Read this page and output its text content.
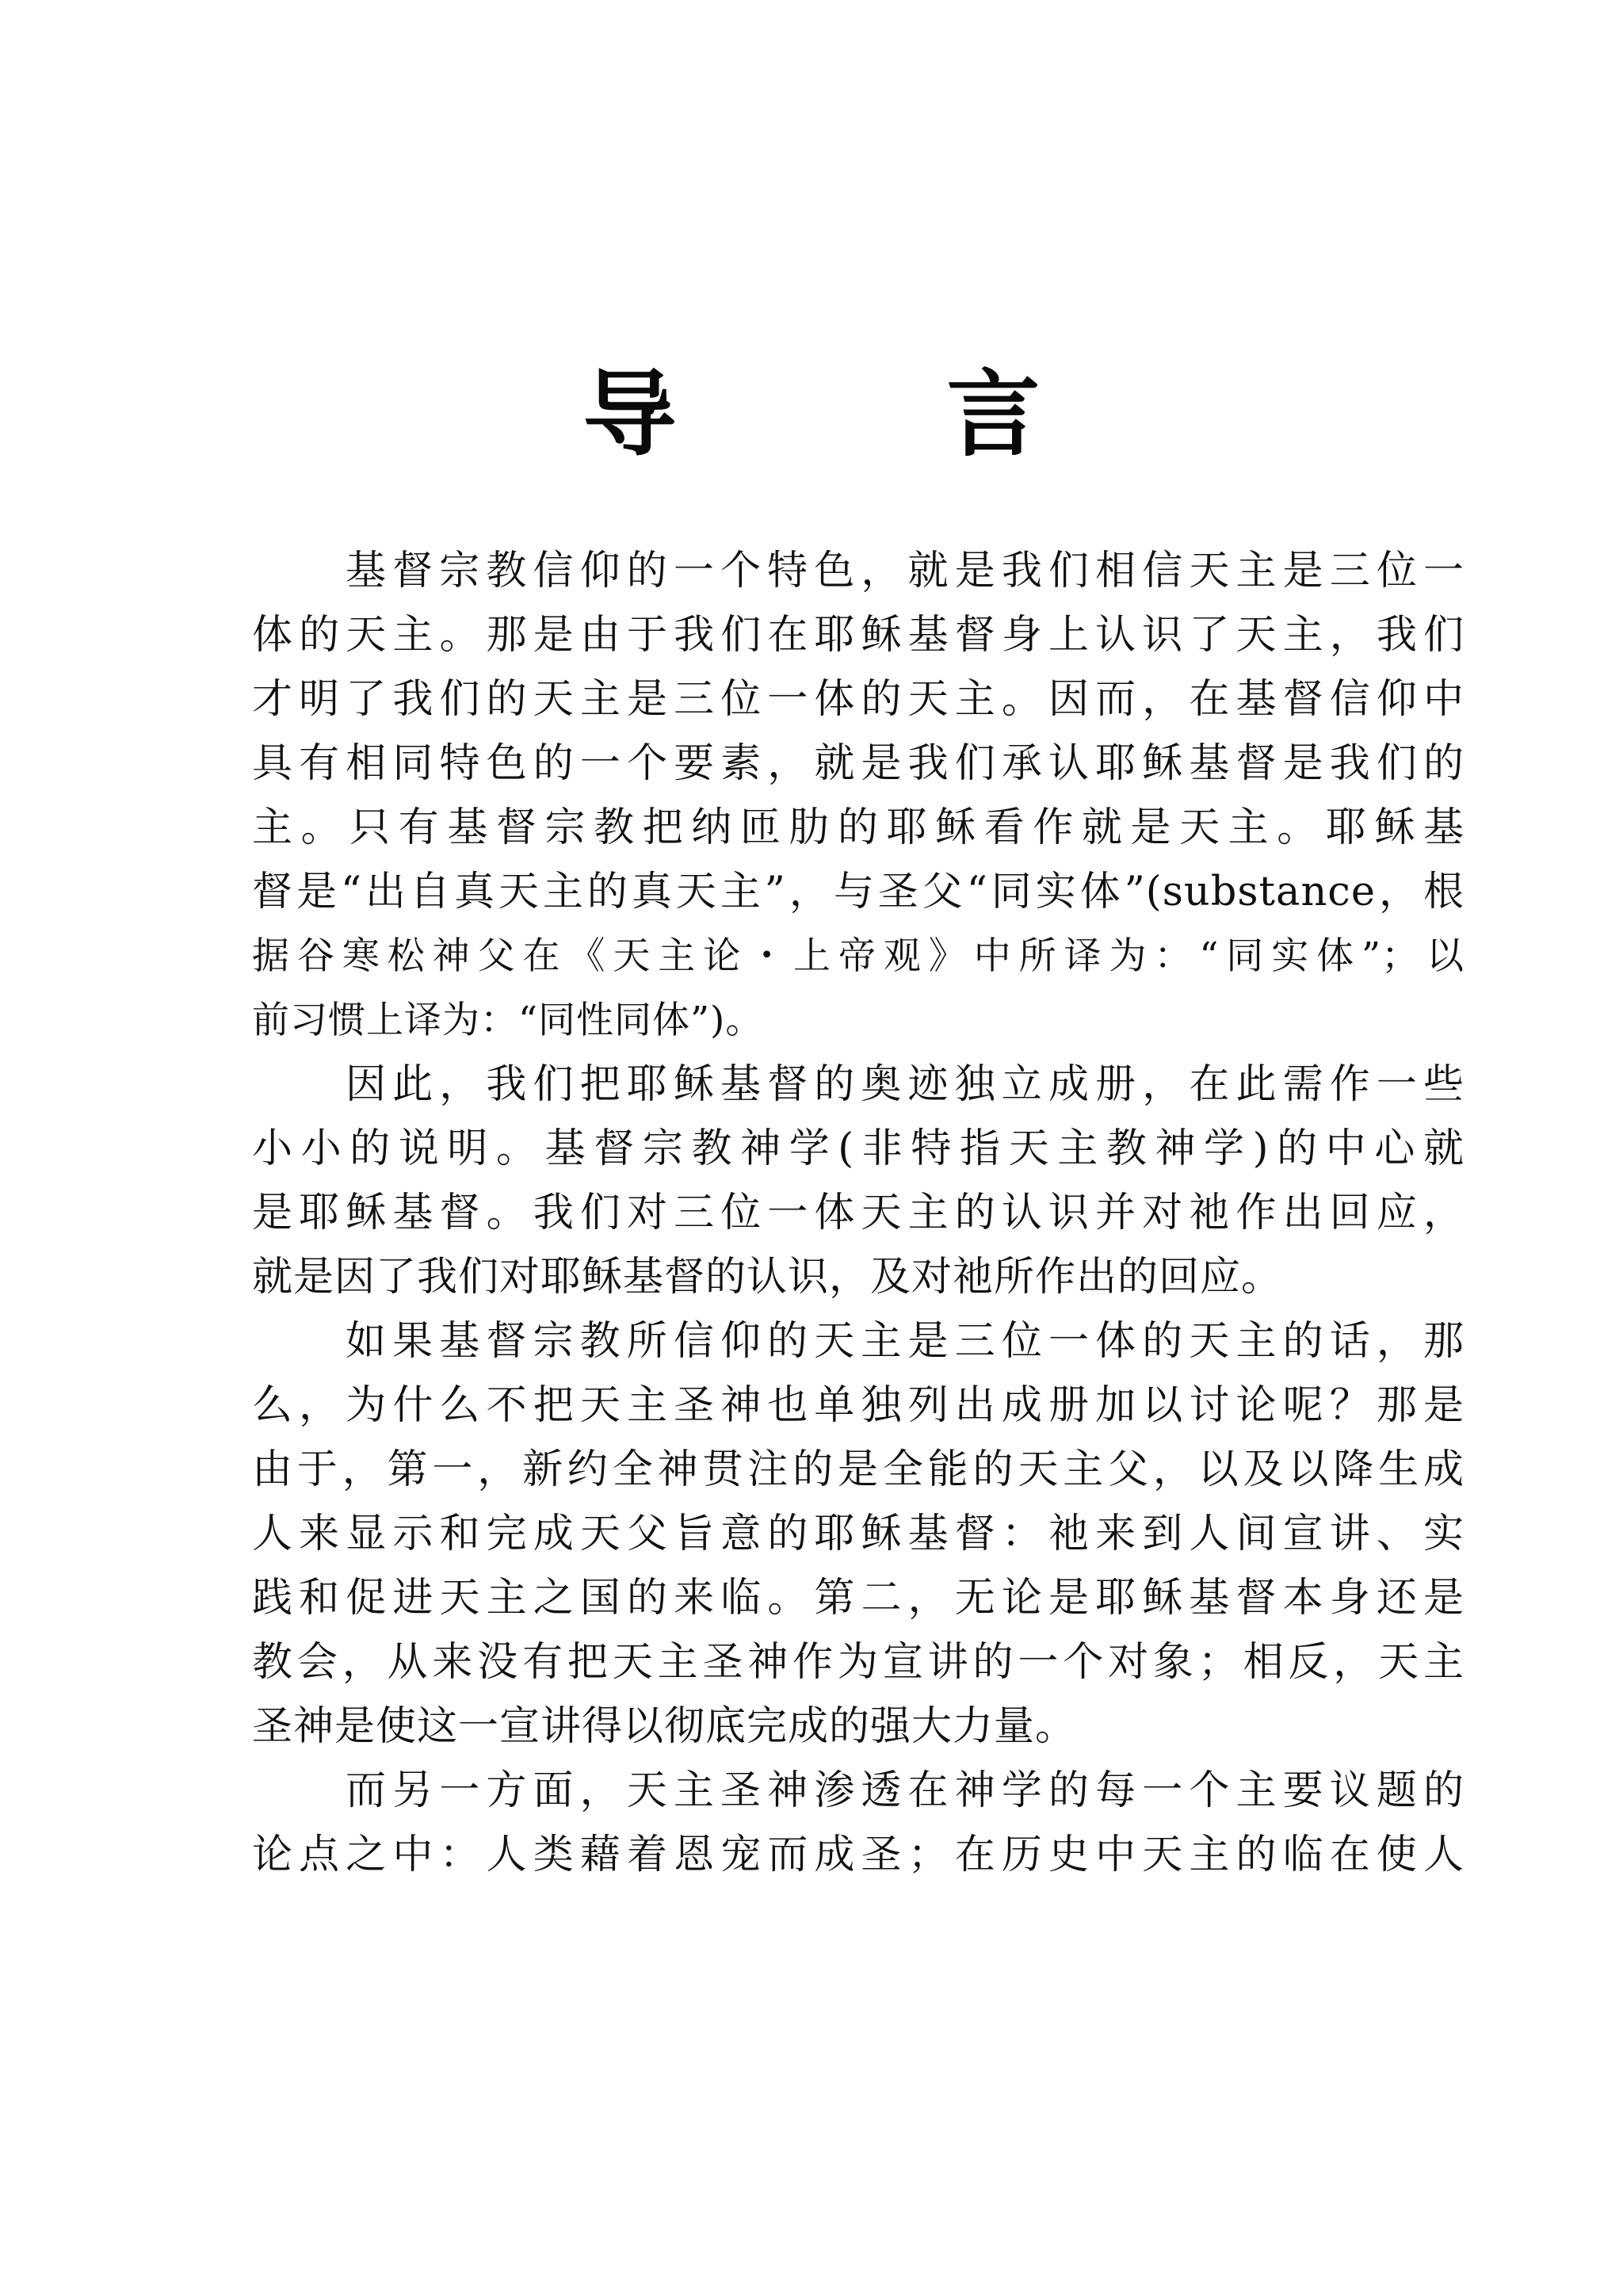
导 言
基督宗教信仰的一个特色，就是我们相信天主是三位一
体的天主。那是由于我们在耶稣基督身上认识了天主，我们
才明了我们的天主是三位一体的天主。因而，在基督信仰中
具有相同特色的一个要素，就是我们承认耶稣基督是我们的
主。只有基督宗教把纳匝肋的耶稣看作就是天主。耶稣基
督是“出自真天主的真天主”，与圣父“同实体”(substance，根
据谷寒松神父在《天主论・上帝观》中所译为：“同实体”；以
前习惯上译为：“同性同体”)。
因此，我们把耶稣基督的奥迹独立成册，在此需作一些
小小的说明。基督宗教神学(非特指天主教神学)的中心就
是耶稣基督。我们对三位一体天主的认识并对祂作出回应，
就是因了我们对耶稣基督的认识，及对祂所作出的回应。
如果基督宗教所信仰的天主是三位一体的天主的话，那
么，为什么不把天主圣神也单独列出成册加以讨论呢？那是
由于，第一，新约全神贯注的是全能的天主父，以及以降生成
人来显示和完成天父旨意的耶稣基督：祂来到人间宣讲、实
践和促进天主之国的来临。第二，无论是耶稣基督本身还是
教会，从来没有把天主圣神作为宣讲的一个对象；相反，天主
圣神是使这一宣讲得以彻底完成的强大力量。
而另一方面，天主圣神渗透在神学的每一个主要议题的
论点之中：人类藉着恩宠而成圣；在历史中天主的临在使人
